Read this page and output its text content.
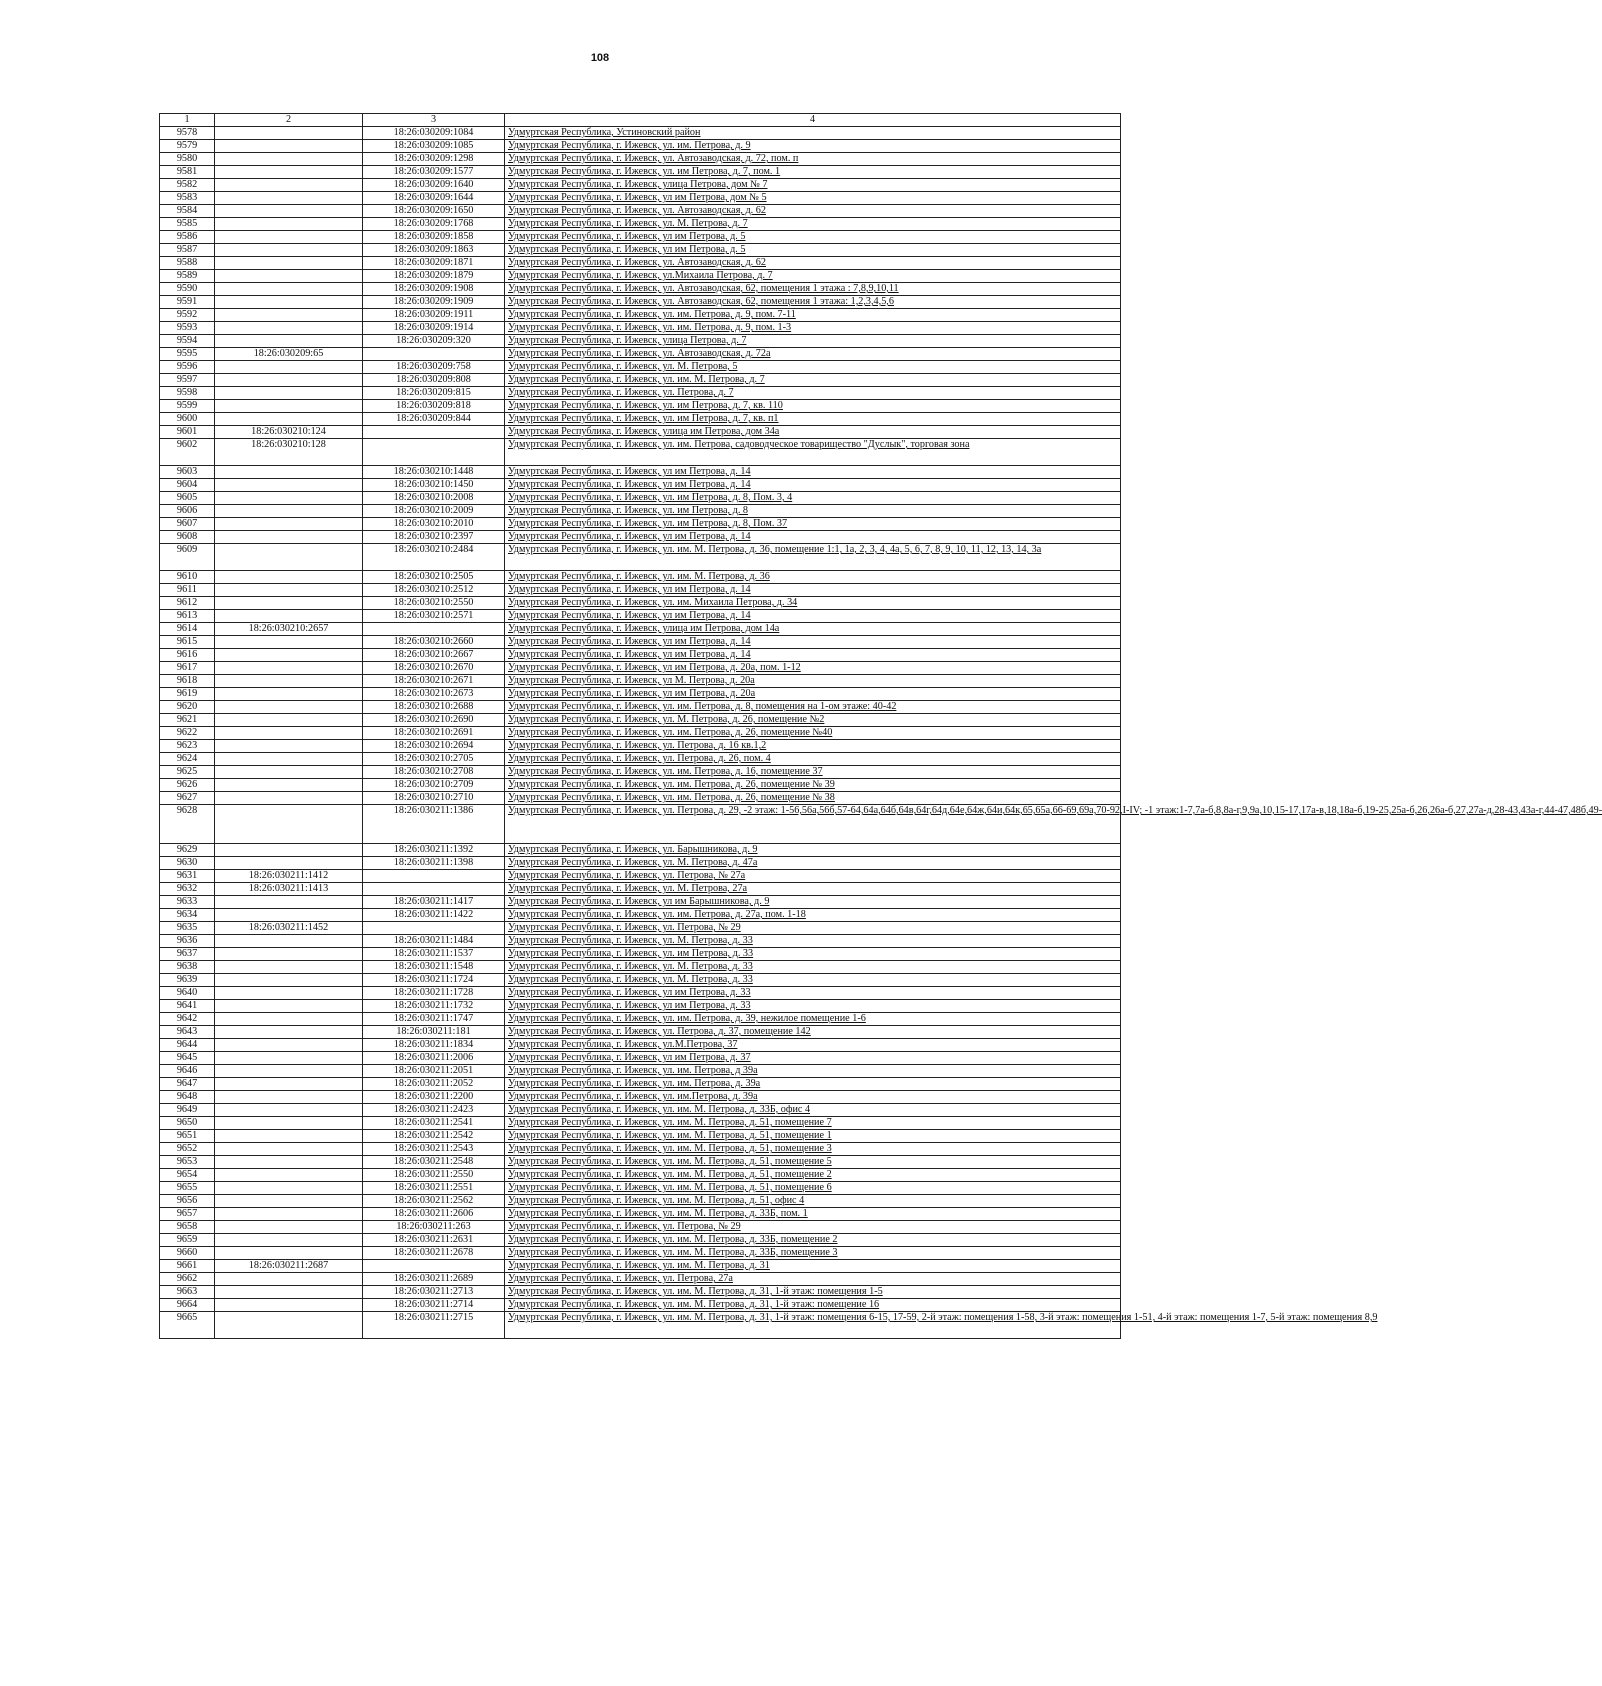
108
1	2	3	4
9578		18:26:030209:1084	Удмуртская Республика, Устиновский район
9579		18:26:030209:1085	Удмуртская Республика, г. Ижевск, ул. им. Петрова, д. 9
9580		18:26:030209:1298	Удмуртская Республика, г. Ижевск, ул. Автозаводская, д. 72, пом. п
9581		18:26:030209:1577	Удмуртская Республика, г. Ижевск, ул. им Петрова, д. 7, пом. 1
9582		18:26:030209:1640	Удмуртская Республика, г. Ижевск, улица Петрова, дом № 7
9583		18:26:030209:1644	Удмуртская Республика, г. Ижевск, ул им Петрова, дом № 5
9584		18:26:030209:1650	Удмуртская Республика, г. Ижевск, ул. Автозаводская, д. 62
9585		18:26:030209:1768	Удмуртская Республика, г. Ижевск, ул. М. Петрова, д. 7
9586		18:26:030209:1858	Удмуртская Республика, г. Ижевск, ул им Петрова, д. 5
9587		18:26:030209:1863	Удмуртская Республика, г. Ижевск, ул им Петрова, д. 5
9588		18:26:030209:1871	Удмуртская Республика, г. Ижевск, ул. Автозаводская, д. 62
9589		18:26:030209:1879	Удмуртская Республика, г. Ижевск, ул.Михаила Петрова, д. 7
9590		18:26:030209:1908	Удмуртская Республика, г. Ижевск, ул. Автозаводская, 62, помещения 1 этажа : 7,8,9,10,11
9591		18:26:030209:1909	Удмуртская Республика, г. Ижевск, ул. Автозаводская, 62, помещения 1 этажа: 1,2,3,4,5,6
9592		18:26:030209:1911	Удмуртская Республика, г. Ижевск, ул. им. Петрова, д. 9, пом. 7-11
9593		18:26:030209:1914	Удмуртская Республика, г. Ижевск, ул. им. Петрова, д. 9, пом. 1-3
9594		18:26:030209:320	Удмуртская Республика, г. Ижевск, улица Петрова, д. 7
9595	18:26:030209:65		Удмуртская Республика, г. Ижевск, ул. Автозаводская, д. 72а
9596		18:26:030209:758	Удмуртская Республика, г. Ижевск, ул. М. Петрова, 5
9597		18:26:030209:808	Удмуртская Республика, г. Ижевск, ул. им. М. Петрова, д. 7
9598		18:26:030209:815	Удмуртская Республика, г. Ижевск, ул. Петрова, д. 7
9599		18:26:030209:818	Удмуртская Республика, г. Ижевск, ул. им Петрова, д. 7, кв. 110
9600		18:26:030209:844	Удмуртская Республика, г. Ижевск, ул. им Петрова, д. 7, кв. п1
9601	18:26:030210:124		Удмуртская Республика, г. Ижевск, улица им Петрова, дом 34а
9602	18:26:030210:128		Удмуртская Республика, г. Ижевск, ул. им. Петрова, садоводческое товарищество "Дуслык", торговая зона
9603		18:26:030210:1448	Удмуртская Республика, г. Ижевск, ул им Петрова, д. 14
9604		18:26:030210:1450	Удмуртская Республика, г. Ижевск, ул им Петрова, д. 14
9605		18:26:030210:2008	Удмуртская Республика, г. Ижевск, ул. им Петрова, д. 8, Пом. 3, 4
9606		18:26:030210:2009	Удмуртская Республика, г. Ижевск, ул. им Петрова, д. 8
9607		18:26:030210:2010	Удмуртская Республика, г. Ижевск, ул. им Петрова, д. 8, Пом. 37
9608		18:26:030210:2397	Удмуртская Республика, г. Ижевск, ул им Петрова, д. 14
9609		18:26:030210:2484	Удмуртская Республика, г. Ижевск, ул. им. М. Петрова, д. 36, помещение 1:1, 1а, 2, 3, 4, 4а, 5, 6, 7, 8, 9, 10, 11, 12, 13, 14, 3а
9610		18:26:030210:2505	Удмуртская Республика, г. Ижевск, ул. им. М. Петрова, д. 36
9611		18:26:030210:2512	Удмуртская Республика, г. Ижевск, ул им Петрова, д. 14
9612		18:26:030210:2550	Удмуртская Республика, г. Ижевск, ул. им. Михаила Петрова, д. 34
9613		18:26:030210:2571	Удмуртская Республика, г. Ижевск, ул им Петрова, д. 14
9614	18:26:030210:2657		Удмуртская Республика, г. Ижевск, улица им Петрова, дом 14а
9615		18:26:030210:2660	Удмуртская Республика, г. Ижевск, ул им Петрова, д. 14
9616		18:26:030210:2667	Удмуртская Республика, г. Ижевск, ул им Петрова, д. 14
9617		18:26:030210:2670	Удмуртская Республика, г. Ижевск, ул им Петрова, д. 20а, пом. 1-12
9618		18:26:030210:2671	Удмуртская Республика, г. Ижевск, ул М. Петрова, д. 20а
9619		18:26:030210:2673	Удмуртская Республика, г. Ижевск, ул им Петрова, д. 20а
9620		18:26:030210:2688	Удмуртская Республика, г. Ижевск, ул. им. Петрова, д. 8, помещения на 1-ом этаже: 40-42
9621		18:26:030210:2690	Удмуртская Республика, г. Ижевск, ул. М. Петрова, д. 26, помещение №2
9622		18:26:030210:2691	Удмуртская Республика, г. Ижевск, ул. им. Петрова, д. 26, помещение №40
9623		18:26:030210:2694	Удмуртская Республика, г. Ижевск, ул. Петрова, д. 16 кв.1,2
9624		18:26:030210:2705	Удмуртская Республика, г. Ижевск, ул. Петрова, д. 26, пом. 4
9625		18:26:030210:2708	Удмуртская Республика, г. Ижевск, ул. им. Петрова, д. 16, помещение 37
9626		18:26:030210:2709	Удмуртская Республика, г. Ижевск, ул. им. Петрова, д. 26, помещение № 39
9627		18:26:030210:2710	Удмуртская Республика, г. Ижевск, ул. им. Петрова, д. 26, помещение № 38
9628		18:26:030211:1386	Удмуртская Республика, г. Ижевск, ул. Петрова, д. 29, -2 этаж: 1-56,56а,56б,57-64,64а,64б,64в,64г,64д,64е,64ж,64и,64к,65,65а,66-69,69а,70-92,I-IV; -1 этаж:1-7,7а-б,8,8а-г,9,9а,10,15-17,17а-в,18,18а-б,19-25,25а-б,26,26а-б,27,27а-д,28-43,43а-г,44-47,48б,49-
9629		18:26:030211:1392	Удмуртская Республика, г. Ижевск, ул. Барышникова, д. 9
9630		18:26:030211:1398	Удмуртская Республика, г. Ижевск, ул. М. Петрова, д. 47а
9631	18:26:030211:1412		Удмуртская Республика, г. Ижевск, ул. Петрова, № 27а
9632	18:26:030211:1413		Удмуртская Республика, г. Ижевск, ул. М. Петрова, 27а
9633		18:26:030211:1417	Удмуртская Республика, г. Ижевск, ул им Барышникова, д. 9
9634		18:26:030211:1422	Удмуртская Республика, г. Ижевск, ул. им. Петрова, д. 27а, пом. 1-18
9635	18:26:030211:1452		Удмуртская Республика, г. Ижевск, ул. Петрова, № 29
9636		18:26:030211:1484	Удмуртская Республика, г. Ижевск, ул. М. Петрова, д. 33
9637		18:26:030211:1537	Удмуртская Республика, г. Ижевск, ул. им Петрова, д. 33
9638		18:26:030211:1548	Удмуртская Республика, г. Ижевск, ул. М. Петрова, д. 33
9639		18:26:030211:1724	Удмуртская Республика, г. Ижевск, ул. М. Петрова, д. 33
9640		18:26:030211:1728	Удмуртская Республика, г. Ижевск, ул им Петрова, д. 33
9641		18:26:030211:1732	Удмуртская Республика, г. Ижевск, ул им Петрова, д. 33
9642		18:26:030211:1747	Удмуртская Республика, г. Ижевск, ул. им. Петрова, д. 39, нежилое помещение 1-6
9643		18:26:030211:181	Удмуртская Республика, г. Ижевск, ул. Петрова, д. 37, помещение 142
9644		18:26:030211:1834	Удмуртская Республика, г. Ижевск, ул.М.Петрова, 37
9645		18:26:030211:2006	Удмуртская Республика, г. Ижевск, ул им Петрова, д. 37
9646		18:26:030211:2051	Удмуртская Республика, г. Ижевск, ул. им. Петрова, д 39а
9647		18:26:030211:2052	Удмуртская Республика, г. Ижевск, ул. им. Петрова, д. 39а
9648		18:26:030211:2200	Удмуртская Республика, г. Ижевск, ул. им.Петрова, д. 39а
9649		18:26:030211:2423	Удмуртская Республика, г. Ижевск, ул. им. М. Петрова, д. 33Б, офис 4
9650		18:26:030211:2541	Удмуртская Республика, г. Ижевск, ул. им. М. Петрова, д. 51, помещение 7
9651		18:26:030211:2542	Удмуртская Республика, г. Ижевск, ул. им. М. Петрова, д. 51, помещение 1
9652		18:26:030211:2543	Удмуртская Республика, г. Ижевск, ул. им. М. Петрова, д. 51, помещение 3
9653		18:26:030211:2548	Удмуртская Республика, г. Ижевск, ул. им. М. Петрова, д. 51, помещение 5
9654		18:26:030211:2550	Удмуртская Республика, г. Ижевск, ул. им. М. Петрова, д. 51, помещение 2
9655		18:26:030211:2551	Удмуртская Республика, г. Ижевск, ул. им. М. Петрова, д. 51, помещение 6
9656		18:26:030211:2562	Удмуртская Республика, г. Ижевск, ул. им. М. Петрова, д. 51, офис 4
9657		18:26:030211:2606	Удмуртская Республика, г. Ижевск, ул. им. М. Петрова, д. 33Б, пом. 1
9658		18:26:030211:263	Удмуртская Республика, г. Ижевск, ул. Петрова, № 29
9659		18:26:030211:2631	Удмуртская Республика, г. Ижевск, ул. им. М. Петрова, д. 33Б, помещение 2
9660		18:26:030211:2678	Удмуртская Республика, г. Ижевск, ул. им. М. Петрова, д. 33Б, помещение 3
9661	18:26:030211:2687		Удмуртская Республика, г. Ижевск, ул. им. М. Петрова, д. 31
9662		18:26:030211:2689	Удмуртская Республика, г. Ижевск, ул. Петрова, 27а
9663		18:26:030211:2713	Удмуртская Республика, г. Ижевск, ул. им. М. Петрова, д. 31, 1-й этаж: помещения 1-5
9664		18:26:030211:2714	Удмуртская Республика, г. Ижевск, ул. им. М. Петрова, д. 31, 1-й этаж: помещение 16
9665		18:26:030211:2715	Удмуртская Республика, г. Ижевск, ул. им. М. Петрова, д. 31, 1-й этаж: помещения 6-15, 17-59, 2-й этаж: помещения 1-58, 3-й этаж: помещения 1-51, 4-й этаж: помещения 1-7, 5-й этаж: помещения 8,9
